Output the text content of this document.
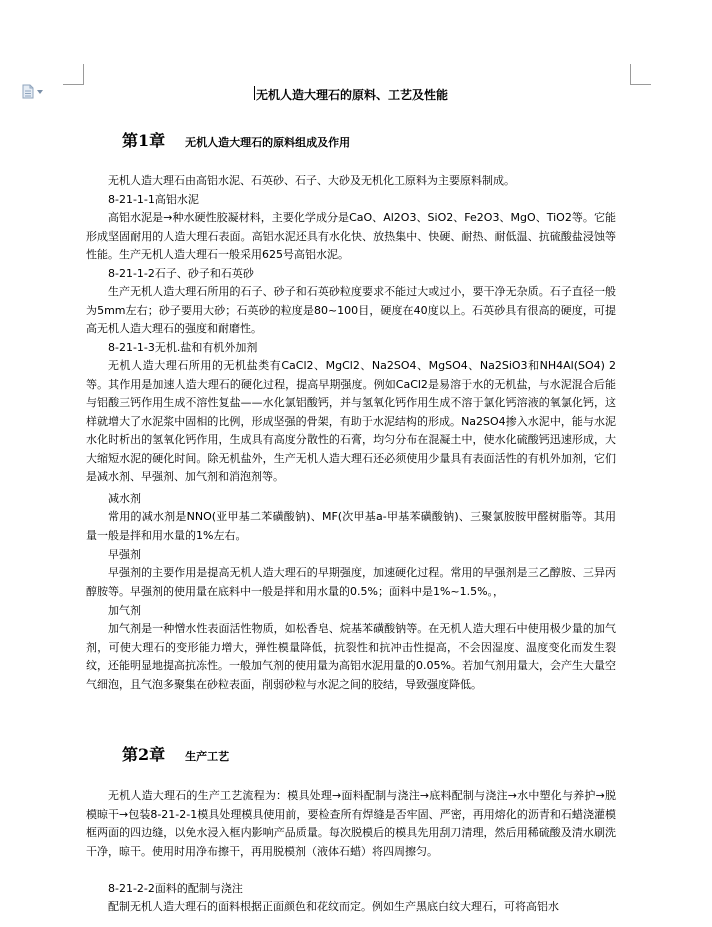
无机人造大理石的原料、工艺及性能
第1章 无机人造大理石的原料组成及作用

无机人造大理石由高铝水泥、石英砂、石子、大砂及无机化工原料为主要原料制成。

8-21-1-1高铝水泥

高铝水泥是→种水硬性胶凝材料，主要化学成分是CaO、Al2O3、SiO2、Fe2O3、MgO、TiO2等。它能形成坚固耐用的人造大理石表面。高铝水泥还具有水化快、放热集中、快硬、耐热、耐低温、抗硫酸盐浸蚀等性能。生产无机人造大理石一般采用625号高铝水泥。

8-21-1-2石子、砂子和石英砂

生产无机人造大理石所用的石子、砂子和石英砂粒度要求不能过大或过小，要干净无杂质。石子直径一般为5mm左右；砂子要用大砂；石英砂的粒度是80~100目，硬度在40度以上。石英砂具有很高的硬度，可提高无机人造大理石的强度和耐磨性。

8-21-1-3无机.盐和有机外加剂

无机人造大理石所用的无机盐类有CaCl2、MgCl2、Na2SO4、MgSO4、Na2SiO3和NH4Al(SO4) 2等。其作用是加速人造大理石的硬化过程，提高早期强度。例如CaCl2是易溶于水的无机盐，与水泥混合后能与铝酸三钙作用生成不溶性复盐——水化氯铝酸钙，并与氢氧化钙作用生成不溶于氯化钙溶液的氧氯化钙，这样就增大了水泥浆中固相的比例，形成坚强的骨架，有助于水泥结构的形成。Na2SO4掺入水泥中，能与水泥水化时析出的氢氧化钙作用，生成具有高度分散性的石膏，均匀分布在混凝土中，使水化硫酸钙迅速形成，大大缩短水泥的硬化时间。除无机盐外，生产无机人造大理石还必须使用少量具有表面活性的有机外加剂，它们是减水剂、早强剂、加气剂和消泡剂等。

减水剂

常用的减水剂是NNO(亚甲基二苯磺酸钠)、MF(次甲基a-甲基苯磺酸钠)、三聚氯胺胺甲醛树脂等。其用量一般是拌和用水量的1%左右。

早强剂

早强剂的主要作用是提高无机人造大理石的早期强度，加速硬化过程。常用的早强剂是三乙醇胺、三异丙醇胺等。早强剂的使用量在底料中一般是拌和用水量的0.5%；面料中是1%~1.5%。，

加气剂

加气剂是一种憎水性表面活性物质，如松香皂、烷基苯磺酸钠等。在无机人造大理石中使用极少量的加气剂，可使大理石的变形能力增大，弹性模量降低，抗裂性和抗冲击性提高，不会因湿度、温度变化而发生裂纹，还能明显地提高抗冻性。一般加气剂的使用量为高铝水泥用量的0.05%。若加气剂用量大，会产生大量空气细泡，且气泡多聚集在砂粒表面，削弱砂粒与水泥之间的胶结，导致强度降低。

第2章 生产工艺

无机人造大理石的生产工艺流程为：模具处理→面料配制与浇注→底料配制与浇注→水中塑化与养护→脱模晾干→包装8-21-2-1模具处理模具使用前，要检查所有焊缝是否牢固、严密，再用熔化的沥青和石蜡浇灌模框两面的四边缝，以免水浸入框内影响产品质量。每次脱模后的模具先用刮刀清理，然后用稀硫酸及清水刷洗干净，晾干。使用时用净布擦干，再用脱模剂（液体石蜡）将四周擦匀。

8-21-2-2面料的配制与浇注

配制无机人造大理石的面料根据正面颜色和花纹而定。例如生产黑底白纹大理石，可将高铝水
